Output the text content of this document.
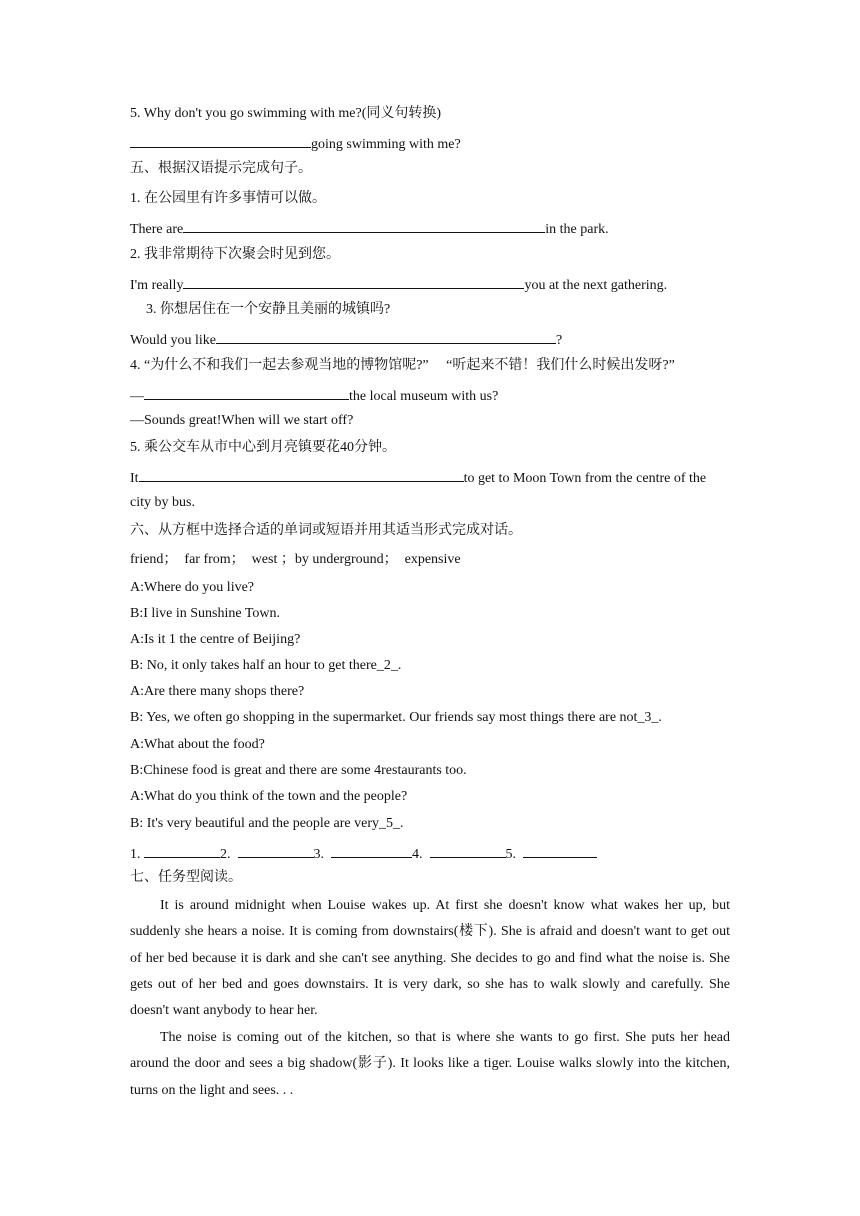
5. Why don't you go swimming with me?(同义句转换)
going swimming with me?
五、根据汉语提示完成句子。
1. 在公园里有许多事情可以做。
There are	in the park.
2. 我非常期待下次聚会时见到您。
I'm really	you at the next gathering.
3. 你想居住在一个安静且美丽的城镇吗?
Would you like	?
4. “为什么不和我们一起去参观当地的博物馆呢?”　 “听起来不错！我们什么时候出发呀?”
—	the local museum with us?
—Sounds great!When will we start off?
5. 乘公交车从市中心到月亮镇要花40分钟。
It	to get to Moon Town from the centre of the
city by bus.
六、从方框中选择合适的单词或短语并用其适当形式完成对话。
friend；　far from；　west ；by underground；　expensive
A:Where do you live?
B:I live in Sunshine Town.
A:Is it 1 the centre of Beijing?
B: No, it only takes half an hour to get there_2_.
A:Are there many shops there?
B: Yes, we often go shopping in the supermarket. Our friends say most things there are not_3_.
A:What about the food?
B:Chinese food is great and there are some 4restaurants too.
A:What do you think of the town and the people?
B: It's very beautiful and the people are very_5_.
1.	2.	3.	4.	5.
七、任务型阅读。
It is around midnight when Louise wakes up. At first she doesn't know what wakes her up, but suddenly she hears a noise. It is coming from downstairs(楼下). She is afraid and doesn't want to get out of her bed because it is dark and she can't see anything. She decides to go and find what the noise is. She gets out of her bed and goes downstairs. It is very dark, so she has to walk slowly and carefully. She doesn't want anybody to hear her.
The noise is coming out of the kitchen, so that is where she wants to go first. She puts her head around the door and sees a big shadow(影子). It looks like a tiger. Louise walks slowly into the kitchen, turns on the light and sees. . .
